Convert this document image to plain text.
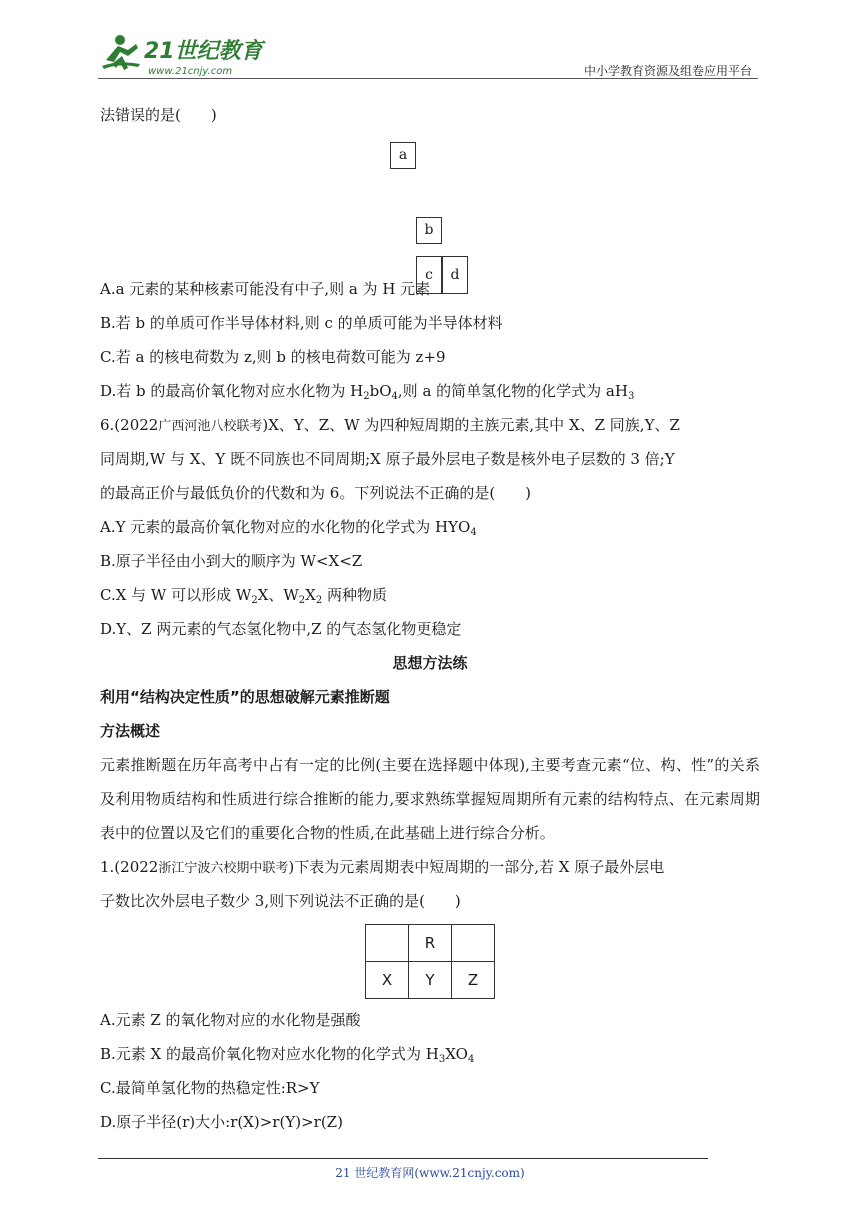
21世纪教育
www.21cnjy.com	中小学教育资源及组卷应用平台
法错误的是(　　)
a
b
c	d
A.a 元素的某种核素可能没有中子,则 a 为 H 元素
B.若 b 的单质可作半导体材料,则 c 的单质可能为半导体材料
C.若 a 的核电荷数为 z,则 b 的核电荷数可能为 z+9
D.若 b 的最高价氧化物对应水化物为 $H_2bO_4$,则 a 的简单氢化物的化学式为 $aH_3$
6.(2022广西河池八校联考)X、Y、Z、W 为四种短周期的主族元素,其中 X、Z 同族,Y、Z
同周期,W 与 X、Y 既不同族也不同周期;X 原子最外层电子数是核外电子层数的 3 倍;Y
的最高正价与最低负价的代数和为 6。下列说法不正确的是(　　)
A.Y 元素的最高价氧化物对应的水化物的化学式为 $HYO_4$
B.原子半径由小到大的顺序为 W<X<Z
C.X 与 W 可以形成 $W_2X$、$W_2X_2$ 两种物质
D.Y、Z 两元素的气态氢化物中,Z 的气态氢化物更稳定
思想方法练
利用“结构决定性质”的思想破解元素推断题
方法概述
元素推断题在历年高考中占有一定的比例(主要在选择题中体现),主要考查元素“位、构、性”的关系及利用物质结构和性质进行综合推断的能力,要求熟练掌握短周期所有元素的结构特点、在元素周期表中的位置以及它们的重要化合物的性质,在此基础上进行综合分析。
1.(2022浙江宁波六校期中联考)下表为元素周期表中短周期的一部分,若 X 原子最外层电
子数比次外层电子数少 3,则下列说法不正确的是(　　)
	R	
X	Y	Z
A.元素 Z 的氧化物对应的水化物是强酸
B.元素 X 的最高价氧化物对应水化物的化学式为 $H_3XO_4$
C.最简单氢化物的热稳定性:R>Y
D.原子半径(r)大小:r(X)>r(Y)>r(Z)
21 世纪教育网(www.21cnjy.com)
